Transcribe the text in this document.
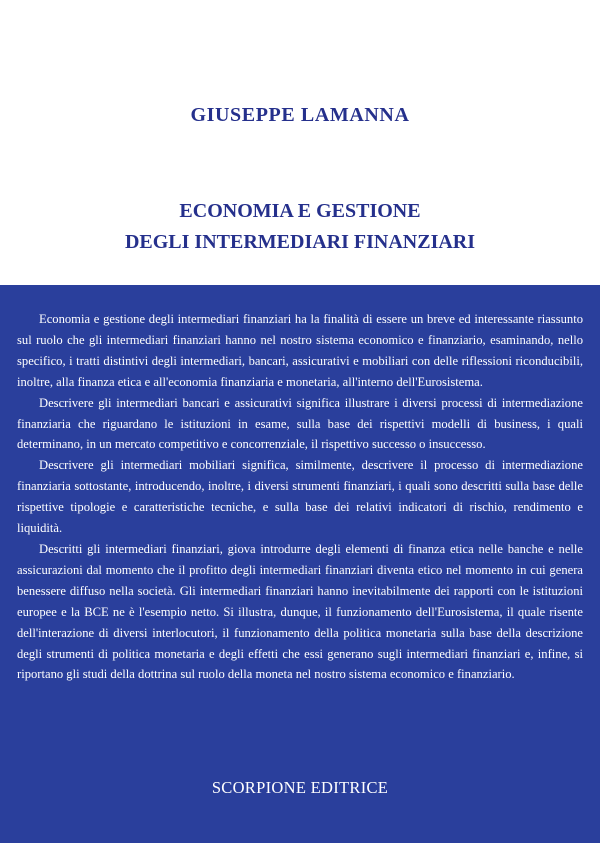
GIUSEPPE LAMANNA
ECONOMIA E GESTIONE
DEGLI INTERMEDIARI FINANZIARI

Economia e gestione degli intermediari finanziari ha la finalità di essere un breve ed interessante riassunto sul ruolo che gli intermediari finanziari hanno nel nostro sistema economico e finanziario, esaminando, nello specifico, i tratti distintivi degli intermediari, bancari, assicurativi e mobiliari con delle riflessioni riconducibili, inoltre, alla finanza etica e all'economia finanziaria e monetaria, all'interno dell'Eurosistema.

Descrivere gli intermediari bancari e assicurativi significa illustrare i diversi processi di intermediazione finanziaria che riguardano le istituzioni in esame, sulla base dei rispettivi modelli di business, i quali determinano, in un mercato competitivo e concorrenziale, il rispettivo successo o insuccesso.

Descrivere gli intermediari mobiliari significa, similmente, descrivere il processo di intermediazione finanziaria sottostante, introducendo, inoltre, i diversi strumenti finanziari, i quali sono descritti sulla base delle rispettive tipologie e caratteristiche tecniche, e sulla base dei relativi indicatori di rischio, rendimento e liquidità.

Descritti gli intermediari finanziari, giova introdurre degli elementi di finanza etica nelle banche e nelle assicurazioni dal momento che il profitto degli intermediari finanziari diventa etico nel momento in cui genera benessere diffuso nella società. Gli intermediari finanziari hanno inevitabilmente dei rapporti con le istituzioni europee e la BCE ne è l'esempio netto. Si illustra, dunque, il funzionamento dell'Eurosistema, il quale risente dell'interazione di diversi interlocutori, il funzionamento della politica monetaria sulla base della descrizione degli strumenti di politica monetaria e degli effetti che essi generano sugli intermediari finanziari e, infine, si riportano gli studi della dottrina sul ruolo della moneta nel nostro sistema economico e finanziario.

SCORPIONE EDITRICE
